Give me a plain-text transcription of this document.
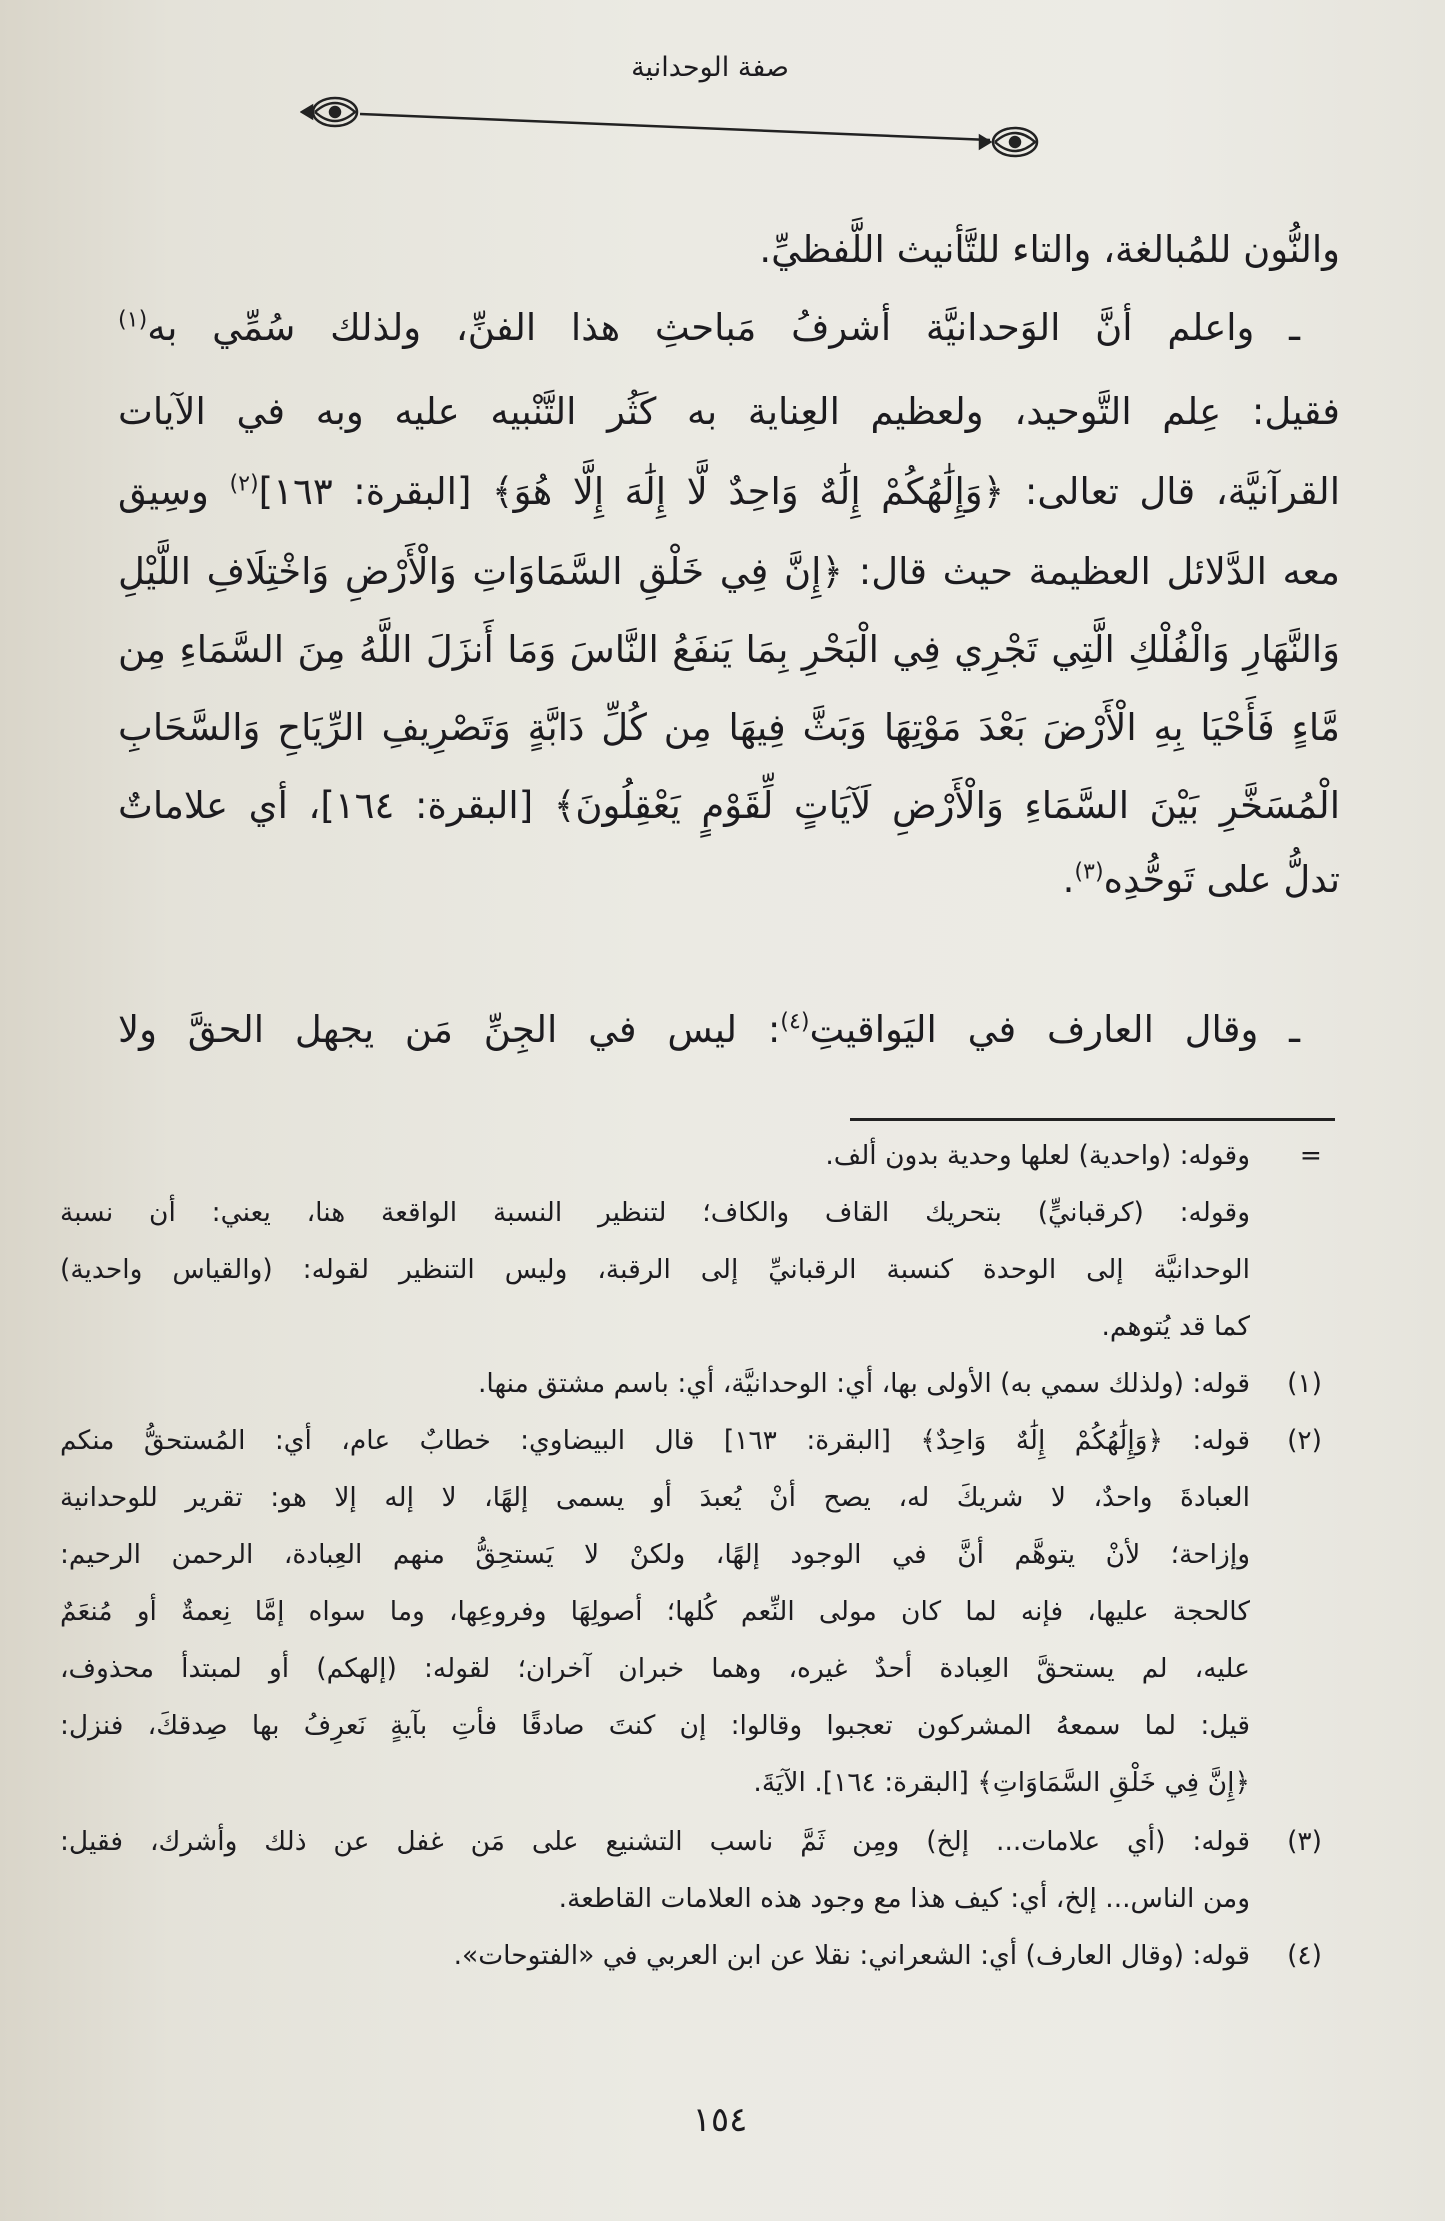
صفة الوحدانية
والنُّون للمُبالغة، والتاء للتَّأنيث اللَّفظيِّ.
ـ واعلم أنَّ الوَحدانيَّة أشرفُ مَباحثِ هذا الفنِّ، ولذلك سُمِّي به$^{(١)}$
فقيل: عِلم التَّوحيد، ولعظيم العِناية به كَثُر التَّنْبيه عليه وبه في الآيات
القرآنيَّة، قال تعالى: ﴿وَإِلَٰهُكُمْ إِلَٰهٌ وَاحِدٌ لَّا إِلَٰهَ إِلَّا هُوَ﴾ [البقرة: ١٦٣]$^{(٢)}$ وسِيق
معه الدَّلائل العظيمة حيث قال: ﴿إِنَّ فِي خَلْقِ السَّمَاوَاتِ وَالْأَرْضِ وَاخْتِلَافِ اللَّيْلِ
وَالنَّهَارِ وَالْفُلْكِ الَّتِي تَجْرِي فِي الْبَحْرِ بِمَا يَنفَعُ النَّاسَ وَمَا أَنزَلَ اللَّهُ مِنَ السَّمَاءِ مِن
مَّاءٍ فَأَحْيَا بِهِ الْأَرْضَ بَعْدَ مَوْتِهَا وَبَثَّ فِيهَا مِن كُلِّ دَابَّةٍ وَتَصْرِيفِ الرِّيَاحِ وَالسَّحَابِ
الْمُسَخَّرِ بَيْنَ السَّمَاءِ وَالْأَرْضِ لَآيَاتٍ لِّقَوْمٍ يَعْقِلُونَ﴾ [البقرة: ١٦٤]، أي علاماتٌ
تدلُّ على تَوحُّدِه$^{(٣)}$.
ـ وقال العارف في اليَواقيتِ$^{(٤)}$: ليس في الجِنِّ مَن يجهل الحقَّ ولا
=
وقوله: (واحدية) لعلها وحدية بدون ألف.
وقوله: (كرقبانيٍّ) بتحريك القاف والكاف؛ لتنظير النسبة الواقعة هنا، يعني: أن نسبة
الوحدانيَّة إلى الوحدة كنسبة الرقبانيِّ إلى الرقبة، وليس التنظير لقوله: (والقياس واحدية)
كما قد يُتوهم.
(١)
قوله: (ولذلك سمي به) الأولى بها، أي: الوحدانيَّة، أي: باسم مشتق منها.
(٢)
قوله: ﴿وَإِلَٰهُكُمْ إِلَٰهٌ وَاحِدٌ﴾ [البقرة: ١٦٣] قال البيضاوي: خطابٌ عام، أي: المُستحقُّ منكم
العبادةَ واحدٌ، لا شريكَ له، يصح أنْ يُعبدَ أو يسمى إلهًا، لا إله إلا هو: تقرير للوحدانية
وإزاحة؛ لأنْ يتوهَّم أنَّ في الوجود إلهًا، ولكنْ لا يَستحِقُّ منهم العِبادة، الرحمن الرحيم:
كالحجة عليها، فإنه لما كان مولى النِّعم كُلها؛ أصولِهَا وفروعِها، وما سواه إمَّا نِعمةٌ أو مُنعَمٌ
عليه، لم يستحقَّ العِبادة أحدٌ غيره، وهما خبران آخران؛ لقوله: (إلهكم) أو لمبتدأ محذوف،
قيل: لما سمعهُ المشركون تعجبوا وقالوا: إن كنتَ صادقًا فأتِ بآيةٍ نَعرِفُ بها صِدقكَ، فنزل:
﴿إِنَّ فِي خَلْقِ السَّمَاوَاتِ﴾ [البقرة: ١٦٤]. الآيَةَ.
(٣)
قوله: (أي علامات... إلخ) ومِن ثَمَّ ناسب التشنيع على مَن غفل عن ذلك وأشرك، فقيل:
ومن الناس... إلخ، أي: كيف هذا مع وجود هذه العلامات القاطعة.
(٤)
قوله: (وقال العارف) أي: الشعراني: نقلا عن ابن العربي في «الفتوحات».
١٥٤
